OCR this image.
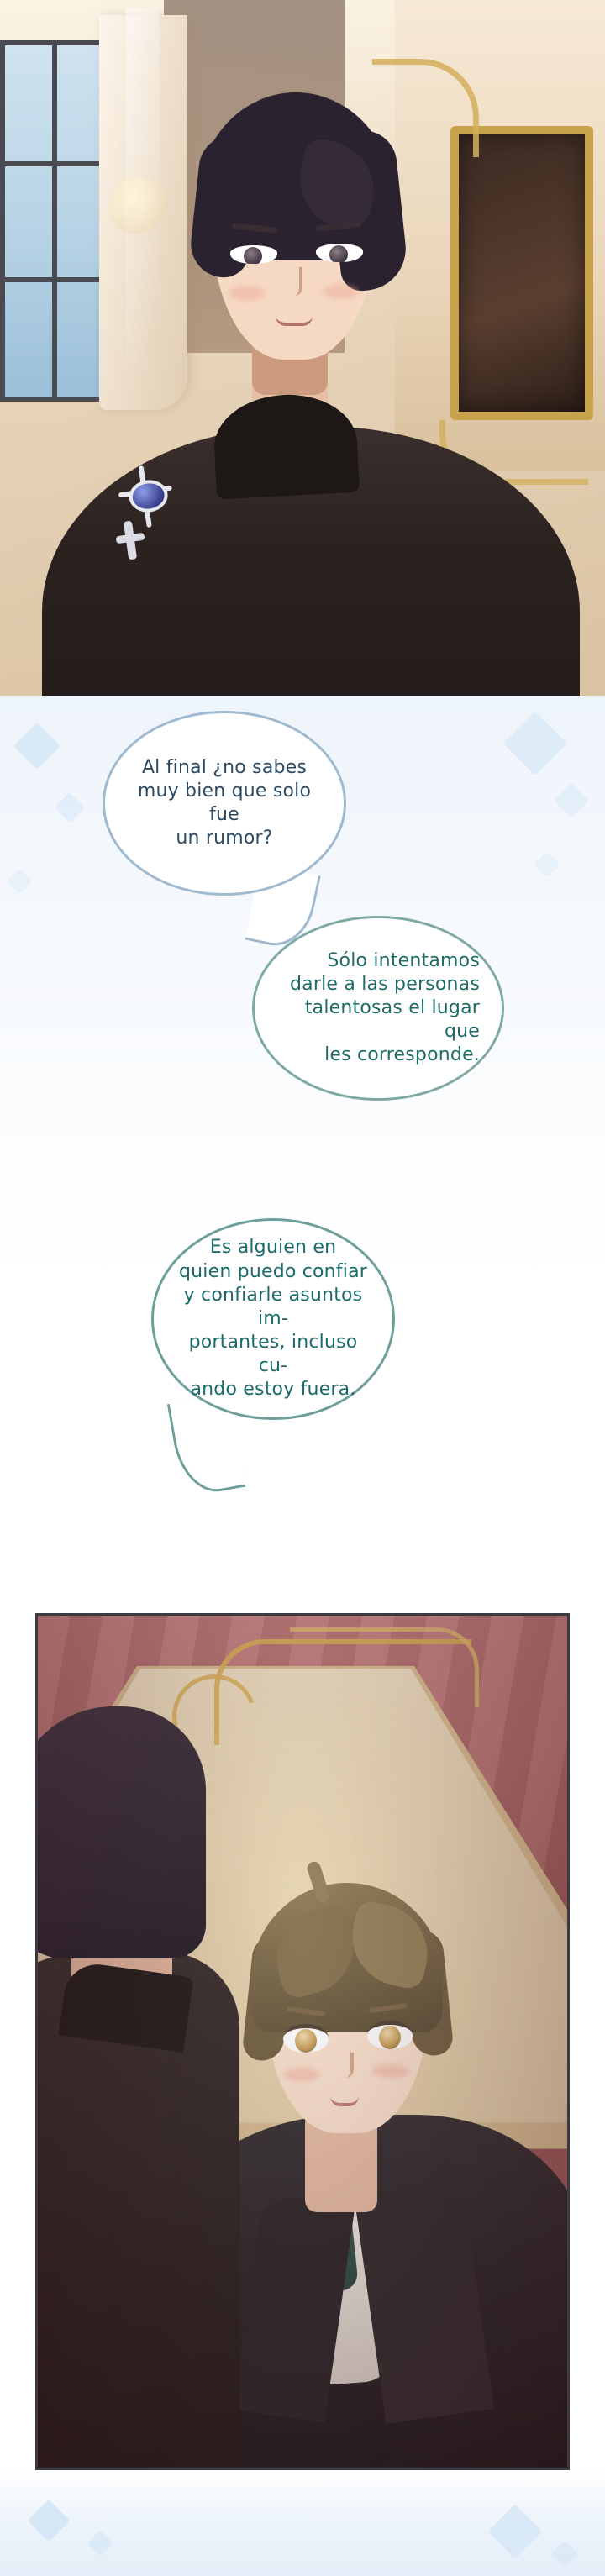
Al final ¿no sabes
muy bien que solo fue
un rumor?

Sólo intentamos
darle a las personas
talentosas el lugar que
les corresponde.

Es alguien en
quien puedo confiar
y confiarle asuntos im-
portantes, incluso cu-
ando estoy fuera.
